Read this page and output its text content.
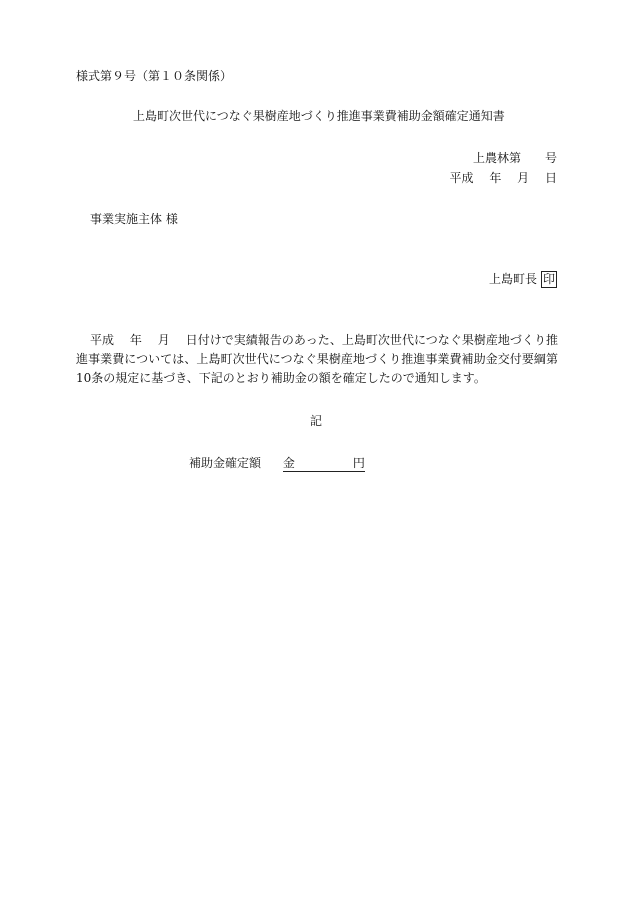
様式第９号（第１０条関係）
上島町次世代につなぐ果樹産地づくり推進事業費補助金額確定通知書
上農林第　　号
平成　 年　 月　 日
事業実施主体 様
上島町長 印
平成　 年　 月　 日付けで実績報告のあった、上島町次世代につなぐ果樹産地づくり推進事業費については、上島町次世代につなぐ果樹産地づくり推進事業費補助金交付要綱第10条の規定に基づき、下記のとおり補助金の額を確定したので通知します。
記
補助金確定額 金	円
